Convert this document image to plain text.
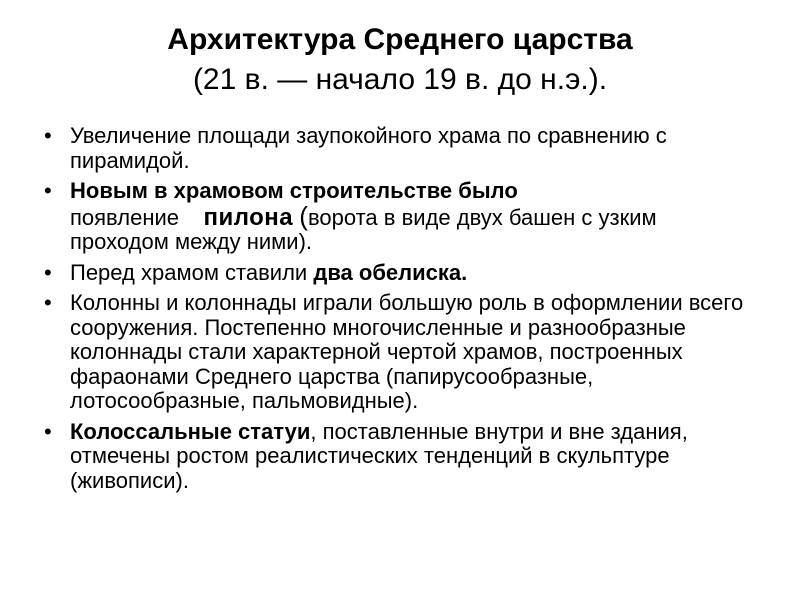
Архитектура Среднего царства
(21 в. — начало 19 в. до н.э.).
• Увеличение площади заупокойного храма по сравнению с пирамидой.
• Новым в храмовом строительстве было
появление пилона (ворота в виде двух башен с узким проходом между ними).
• Перед храмом ставили два обелиска.
• Колонны и колоннады играли большую роль в оформлении всего сооружения. Постепенно многочисленные и разнообразные колоннады стали характерной чертой храмов, построенных фараонами Среднего царства (папирусообразные, лотосообразные, пальмовидные).
• Колоссальные статуи, поставленные внутри и вне здания, отмечены ростом реалистических тенденций в скульптуре (живописи).
